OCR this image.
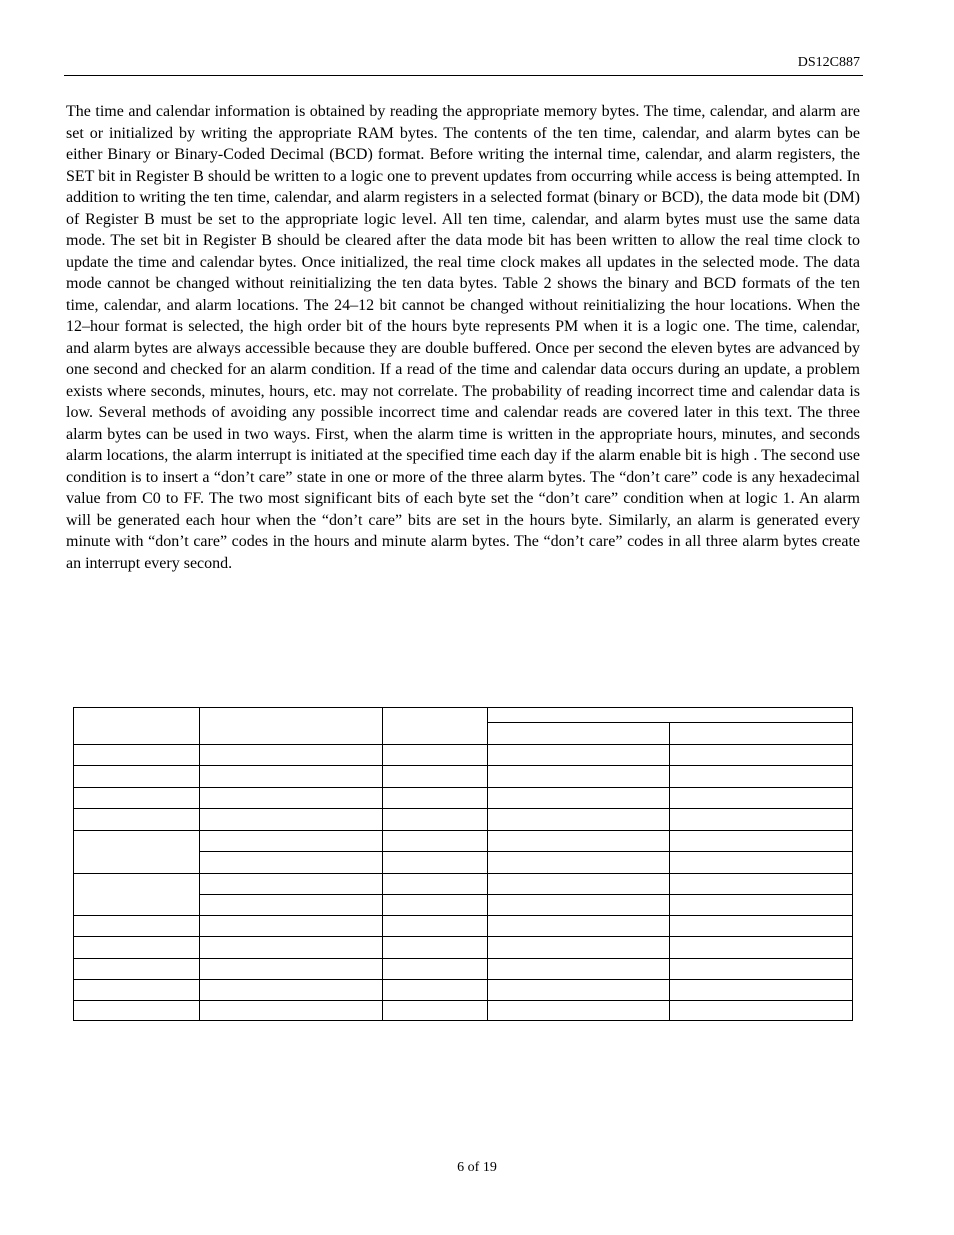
DS12C887

The time and calendar information is obtained by reading the appropriate memory bytes. The time, calendar, and alarm are set or initialized by writing the appropriate RAM bytes. The contents of the ten time, calendar, and alarm bytes can be either Binary or Binary-Coded Decimal (BCD) format. Before writing the internal time, calendar, and alarm registers, the SET bit in Register B should be written to a logic one to prevent updates from occurring while access is being attempted. In addition to writing the ten time, calendar, and alarm registers in a selected format (binary or BCD), the data mode bit (DM) of Register B must be set to the appropriate logic level. All ten time, calendar, and alarm bytes must use the same data mode. The set bit in Register B should be cleared after the data mode bit has been written to allow the real time clock to update the time and calendar bytes. Once initialized, the real time clock makes all updates in the selected mode. The data mode cannot be changed without reinitializing the ten data bytes. Table 2 shows the binary and BCD formats of the ten time, calendar, and alarm locations. The 24–12 bit cannot be changed without reinitializing the hour locations. When the 12–hour format is selected, the high order bit of the hours byte represents PM when it is a logic one. The time, calendar, and alarm bytes are always accessible because they are double buffered. Once per second the eleven bytes are advanced by one second and checked for an alarm condition. If a read of the time and calendar data occurs during an update, a problem exists where seconds, minutes, hours, etc. may not correlate. The probability of reading incorrect time and calendar data is low. Several methods of avoiding any possible incorrect time and calendar reads are covered later in this text. The three alarm bytes can be used in two ways. First, when the alarm time is written in the appropriate hours, minutes, and seconds alarm locations, the alarm interrupt is initiated at the specified time each day if the alarm enable bit is high . The second use condition is to insert a “don’t care” state in one or more of the three alarm bytes. The “don’t care” code is any hexadecimal value from C0 to FF. The two most significant bits of each byte set the “don’t care” condition when at logic 1. An alarm will be generated each hour when the “don’t care” bits are set in the hours byte. Similarly, an alarm is generated every minute with “don’t care” codes in the hours and minute alarm bytes. The “don’t care” codes in all three alarm bytes create an interrupt every second.

6 of 19
